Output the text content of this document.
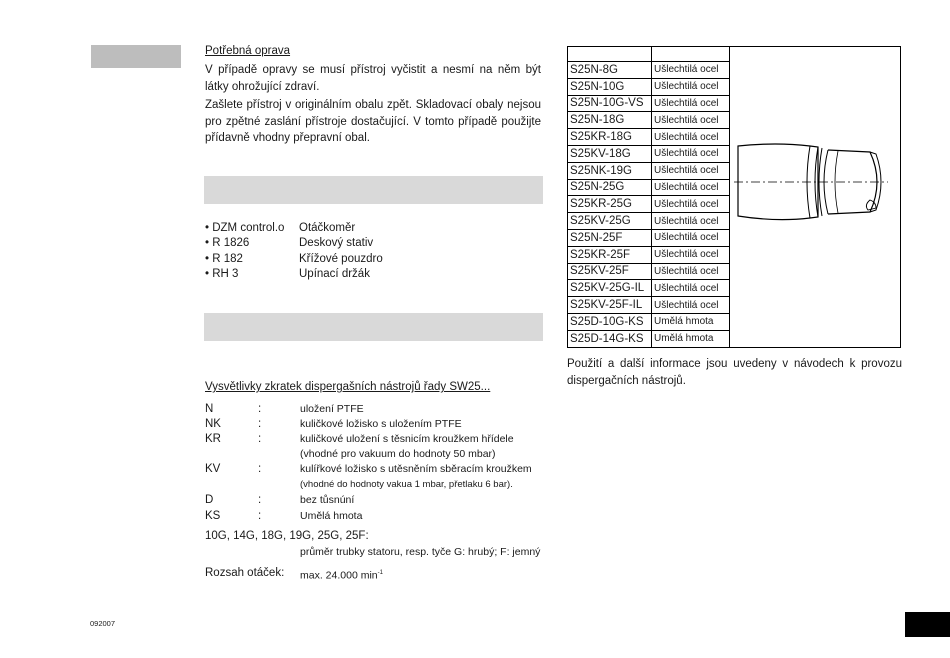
Potřebná oprava
V případě opravy se musí přístroj vyčistit a nesmí na něm být látky ohrožující zdraví.
Zašlete přístroj v originálním obalu zpět. Skladovací obaly nejsou pro zpětné zaslání přístroje dostačující. V tomto případě použijte přídavně vhodny přepravní obal.
• DZM control.o Otáčkoměr
• R 1826	Deskový stativ
• R 182	Křížové pouzdro
• RH 3	Upínací držák
Vysvětlivky zkratek dispergašních nástrojů řady SW25...
N	:	uložení PTFE
NK	:	kuličkové ložisko s uložením PTFE
KR	:	kuličkové uložení s těsnicím kroužkem hřídele
(vhodné pro vakuum do hodnoty 50 mbar)
KV	:	kulířkové ložisko s utěsněním sběracím kroužkem
(vhodné do hodnoty vakua 1 mbar, přetlaku 6 bar).
D	:	bez tůsnúní
KS	:	Umělá hmota
10G, 14G, 18G, 19G, 25G, 25F:
průměr trubky statoru, resp. tyče G: hrubý; F: jemný
Rozsah otáček: max. 24.000 $\min^{-1}$

S25N-8G	Ušlechtilá ocel	
S25N-10G	Ušlechtilá ocel	
S25N-10G-VS	Ušlechtilá ocel	
S25N-18G	Ušlechtilá ocel	
S25KR-18G	Ušlechtilá ocel	
S25KV-18G	Ušlechtilá ocel	
S25NK-19G	Ušlechtilá ocel	
S25N-25G	Ušlechtilá ocel	
S25KR-25G	Ušlechtilá ocel	
S25KV-25G	Ušlechtilá ocel	
S25N-25F	Ušlechtilá ocel	
S25KR-25F	Ušlechtilá ocel	
S25KV-25F	Ušlechtilá ocel	
S25KV-25G-IL	Ušlechtilá ocel	
S25KV-25F-IL	Ušlechtilá ocel	
S25D-10G-KS	Umělá hmota	
S25D-14G-KS	Umělá hmota	
Použití a další informace jsou uvedeny v návodech k provozu dispergačních nástrojů.
092007
